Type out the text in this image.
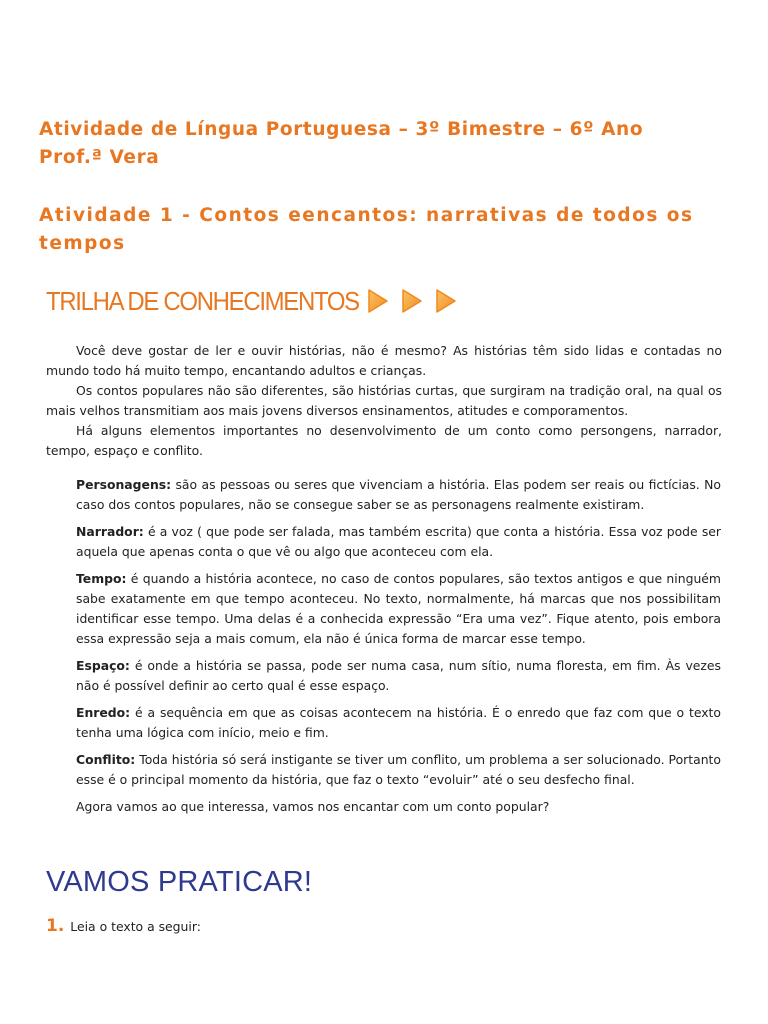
Atividade de Língua Portuguesa – 3º Bimestre – 6º Ano
Prof.ª Vera
Atividade 1 - Contos eencantos: narrativas de todos os tempos
TRILHA DE CONHECIMENTOS

Você deve gostar de ler e ouvir histórias, não é mesmo? As histórias têm sido lidas e contadas no mundo todo há muito tempo, encantando adultos e crianças.

Os contos populares não são diferentes, são histórias curtas, que surgiram na tradição oral, na qual os mais velhos transmitiam aos mais jovens diversos ensinamentos, atitudes e comporamentos.

Há alguns elementos importantes no desenvolvimento de um conto como persongens, narrador, tempo, espaço e conflito.

Personagens: são as pessoas ou seres que vivenciam a história. Elas podem ser reais ou fictícias. No caso dos contos populares, não se consegue saber se as personagens realmente existiram.

Narrador: é a voz ( que pode ser falada, mas também escrita) que conta a história. Essa voz pode ser aquela que apenas conta o que vê ou algo que aconteceu com ela.

Tempo: é quando a história acontece, no caso de contos populares, são textos antigos e que ninguém sabe exatamente em que tempo aconteceu. No texto, normalmente, há marcas que nos possibilitam identificar esse tempo. Uma delas é a conhecida expressão “Era uma vez”. Fique atento, pois embora essa expressão seja a mais comum, ela não é única forma de marcar esse tempo.

Espaço: é onde a história se passa, pode ser numa casa, num sítio, numa floresta, em fim. Às vezes não é possível definir ao certo qual é esse espaço.

Enredo: é a sequência em que as coisas acontecem na história. É o enredo que faz com que o texto tenha uma lógica com início, meio e fim.

Conflito: Toda história só será instigante se tiver um conflito, um problema a ser solucionado. Portanto esse é o principal momento da história, que faz o texto “evoluir” até o seu desfecho final.

Agora vamos ao que interessa, vamos nos encantar com um conto popular?

VAMOS PRATICAR!
1. Leia o texto a seguir:
